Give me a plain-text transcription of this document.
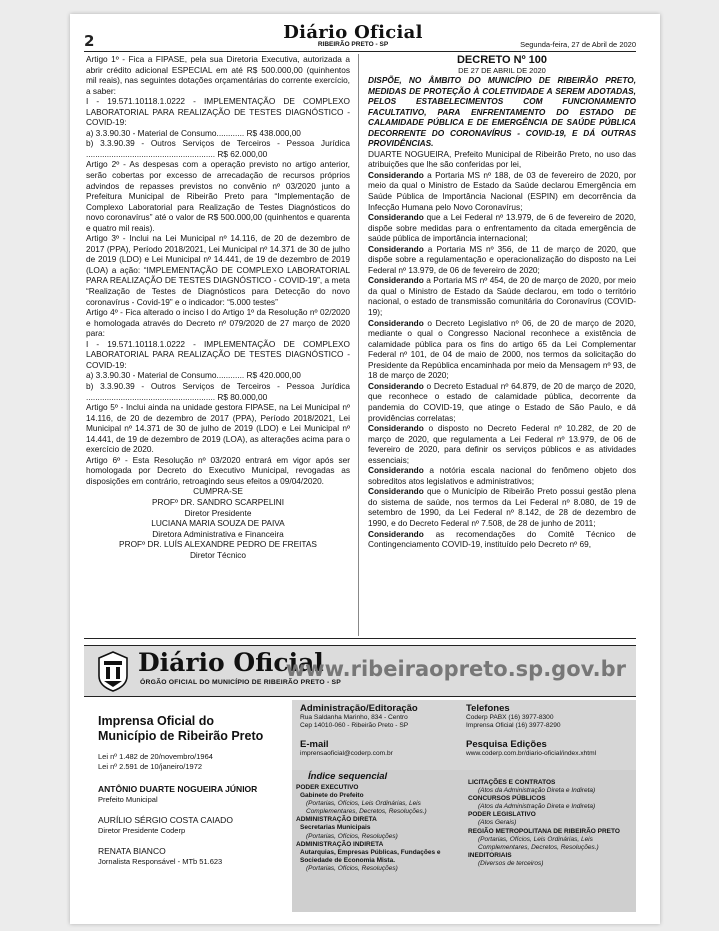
2	Diário Oficial
RIBEIRÃO PRETO - SP	Segunda-feira, 27 de Abril de 2020

Artigo 1º - Fica a FIPASE, pela sua Diretoria Executiva, autorizada a abrir crédito adicional ESPECIAL em até R$ 500.000,00 (quinhentos mil reais), nas seguintes dotações orçamentárias do corrente exercício, a saber:

I - 19.571.10118.1.0222 - IMPLEMENTAÇÃO DE COMPLEXO LABORATORIAL PARA REALIZAÇÃO DE TESTES DIAGNÓSTICO - COVID-19:

a) 3.3.90.30 - Material de Consumo............ R$ 438.000,00

b) 3.3.90.39 - Outros Serviços de Terceiros - Pessoa Jurídica ........................................................ R$ 62.000,00

Artigo 2º - As despesas com a operação previsto no artigo anterior, serão cobertas por excesso de arrecadação de recursos próprios advindos de repasses previstos no convênio nº 03/2020 junto a Prefeitura Municipal de Ribeirão Preto para “Implementação de Complexo Laboratorial para Realização de Testes Diagnósticos do novo coronavírus” até o valor de R$ 500.000,00 (quinhentos e quarenta e quatro mil reais).

Artigo 3º - Inclui na Lei Municipal nº 14.116, de 20 de dezembro de 2017 (PPA), Período 2018/2021, Lei Municipal nº 14.371 de 30 de julho de 2019 (LDO) e Lei Municipal nº 14.441, de 19 de dezembro de 2019 (LOA) a ação: “IMPLEMENTAÇÃO DE COMPLEXO LABORATORIAL PARA REALIZAÇÃO DE TESTES DIAGNÓSTICO - COVID-19”, a meta “Realização de Testes de Diagnósticos para Detecção do novo coronavírus - Covid-19” e o indicador: “5.000 testes”

Artigo 4º - Fica alterado o inciso I do Artigo 1º da Resolução nº 02/2020 e homologada através do Decreto nº 079/2020 de 27 março de 2020 para:

I - 19.571.10118.1.0222 - IMPLEMENTAÇÃO DE COMPLEXO LABORATORIAL PARA REALIZAÇÃO DE TESTES DIAGNÓSTICO - COVID-19:

a) 3.3.90.30 - Material de Consumo............ R$ 420.000,00

b) 3.3.90.39 - Outros Serviços de Terceiros - Pessoa Jurídica ........................................................ R$ 80.000,00

Artigo 5º - Inclui ainda na unidade gestora FIPASE, na Lei Municipal nº 14.116, de 20 de dezembro de 2017 (PPA), Período 2018/2021, Lei Municipal nº 14.371 de 30 de julho de 2019 (LDO) e Lei Municipal nº 14.441, de 19 de dezembro de 2019 (LOA), as alterações acima para o exercício de 2020.

Artigo 6º - Esta Resolução nº 03/2020 entrará em vigor após ser homologada por Decreto do Executivo Municipal, revogadas as disposições em contrário, retroagindo seus efeitos a 09/04/2020.

CUMPRA-SE

PROFº DR. SANDRO SCARPELINI

Diretor Presidente

LUCIANA MARIA SOUZA DE PAIVA

Diretora Administrativa e Financeira

PROFº DR. LUÍS ALEXANDRE PEDRO DE FREITAS

Diretor Técnico

DECRETO Nº 100
DE 27 DE ABRIL DE 2020

DISPÕE, NO ÂMBITO DO MUNICÍPIO DE RIBEIRÃO PRETO, MEDIDAS DE PROTEÇÃO À COLETIVIDADE A SEREM ADOTADAS, PELOS ESTABELECIMENTOS COM FUNCIONAMENTO FACULTATIVO, PARA ENFRENTAMENTO DO ESTADO DE CALAMIDADE PÚBLICA E DE EMERGÊNCIA DE SAÚDE PÚBLICA DECORRENTE DO CORONAVÍRUS - COVID-19, E DÁ OUTRAS PROVIDÊNCIAS.

DUARTE NOGUEIRA, Prefeito Municipal de Ribeirão Preto, no uso das atribuições que lhe são conferidas por lei,

Considerando a Portaria MS nº 188, de 03 de fevereiro de 2020, por meio da qual o Ministro de Estado da Saúde declarou Emergência em Saúde Pública de Importância Nacional (ESPIN) em decorrência da Infecção Humana pelo Novo Coronavírus;

Considerando que a Lei Federal nº 13.979, de 6 de fevereiro de 2020, dispõe sobre medidas para o enfrentamento da citada emergência de saúde pública de importância internacional;

Considerando a Portaria MS nº 356, de 11 de março de 2020, que dispõe sobre a regulamentação e operacionalização do disposto na Lei Federal nº 13.979, de 06 de fevereiro de 2020;

Considerando a Portaria MS nº 454, de 20 de março de 2020, por meio da qual o Ministro de Estado da Saúde declarou, em todo o território nacional, o estado de transmissão comunitária do Coronavírus (COVID-19);

Considerando o Decreto Legislativo nº 06, de 20 de março de 2020, mediante o qual o Congresso Nacional reconhece a existência de calamidade pública para os fins do artigo 65 da Lei Complementar Federal nº 101, de 04 de maio de 2000, nos termos da solicitação do Presidente da República encaminhada por meio da Mensagem nº 93, de 18 de março de 2020;

Considerando o Decreto Estadual nº 64.879, de 20 de março de 2020, que reconhece o estado de calamidade pública, decorrente da pandemia do COVID-19, que atinge o Estado de São Paulo, e dá providências correlatas;

Considerando o disposto no Decreto Federal nº 10.282, de 20 de março de 2020, que regulamenta a Lei Federal nº 13.979, de 06 de fevereiro de 2020, para definir os serviços públicos e as atividades essenciais;

Considerando a notória escala nacional do fenômeno objeto dos sobreditos atos legislativos e administrativos;

Considerando que o Município de Ribeirão Preto possui gestão plena do sistema de saúde, nos termos da Lei Federal nº 8.080, de 19 de setembro de 1990, da Lei Federal nº 8.142, de 28 de dezembro de 1990, e do Decreto Federal nº 7.508, de 28 de junho de 2011;

Considerando as recomendações do Comitê Técnico de Contingenciamento COVID-19, instituído pelo Decreto nº 69,

Diário Oficial
ÓRGÃO OFICIAL DO MUNICÍPIO DE RIBEIRÃO PRETO - SP
www.ribeiraopreto.sp.gov.br
Imprensa Oficial do
Município de Ribeirão Preto
Lei nº 1.482 de 20/novembro/1964
Lei nº 2.591 de 10/janeiro/1972
ANTÔNIO DUARTE NOGUEIRA JÚNIOR
Prefeito Municipal
AURÍLIO SÉRGIO COSTA CAIADO
Diretor Presidente Coderp
RENATA BIANCO
Jornalista Responsável - MTb 51.623
Administração/Editoração
Rua Saldanha Marinho, 834 - Centro
Cep 14010-060 - Ribeirão Preto - SP
Telefones
Coderp PABX (16) 3977-8300
Imprensa Oficial (16) 3977-8290
E-mail
imprensaoficial@coderp.com.br
Pesquisa Edições
www.coderp.com.br/diario-oficial/index.xhtml
Índice sequencial
PODER EXECUTIVO
Gabinete do Prefeito
(Portarias, Ofícios, Leis Ordinárias, Leis Complementares, Decretos, Resoluções.)
ADMINISTRAÇÃO DIRETA
Secretarias Municipais
(Portarias, Ofícios, Resoluções)
ADMINISTRAÇÃO INDIRETA
Autarquias, Empresas Públicas, Fundações e Sociedade de Economia Mista.
(Portarias, Ofícios, Resoluções)
LICITAÇÕES E CONTRATOS
(Atos da Administração Direta e Indireta)
CONCURSOS PÚBLICOS
(Atos da Administração Direta e Indireta)
PODER LEGISLATIVO
(Atos Gerais)
REGIÃO METROPOLITANA DE RIBEIRÃO PRETO
(Portarias, Ofícios, Leis Ordinárias, Leis Complementares, Decretos, Resoluções.)
INEDITORIAIS
(Diversos de terceiros)
